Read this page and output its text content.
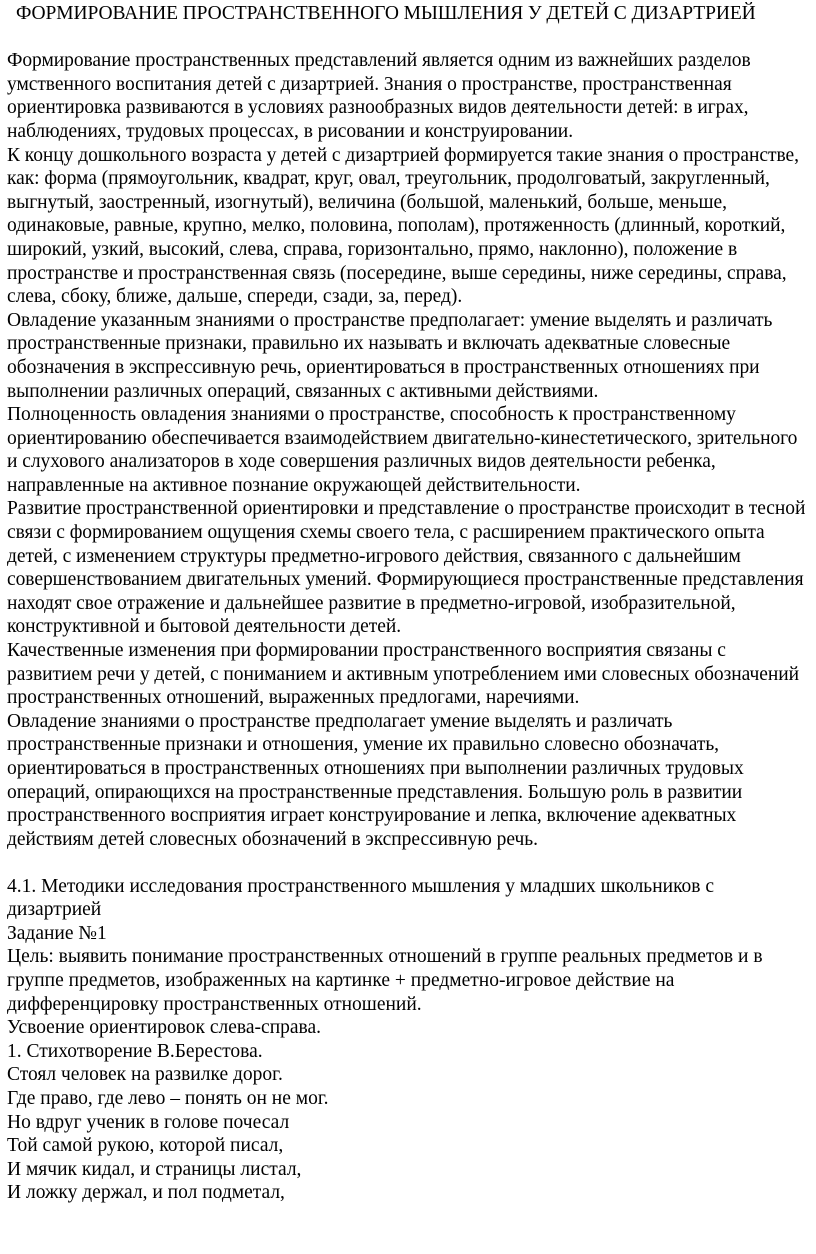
ФОРМИРОВАНИЕ ПРОСТРАНСТВЕННОГО МЫШЛЕНИЯ У ДЕТЕЙ С ДИЗАРТРИЕЙ

Формирование пространственных представлений является одним из важнейших разделов умственного воспитания детей с дизартрией. Знания о пространстве, пространственная ориентировка развиваются в условиях разнообразных видов деятельности детей: в играх, наблюдениях, трудовых процессах, в рисовании и конструировании.

К концу дошкольного возраста у детей с дизартрией формируется такие знания о пространстве, как: форма (прямоугольник, квадрат, круг, овал, треугольник, продолговатый, закругленный, выгнутый, заостренный, изогнутый), величина (большой, маленький, больше, меньше, одинаковые, равные, крупно, мелко, половина, пополам), протяженность (длинный, короткий, широкий, узкий, высокий, слева, справа, горизонтально, прямо, наклонно), положение в пространстве и пространственная связь (посередине, выше середины, ниже середины, справа, слева, сбоку, ближе, дальше, спереди, сзади, за, перед).

Овладение указанным знаниями о пространстве предполагает: умение выделять и различать пространственные признаки, правильно их называть и включать адекватные словесные обозначения в экспрессивную речь, ориентироваться в пространственных отношениях при выполнении различных операций, связанных с активными действиями.

Полноценность овладения знаниями о пространстве, способность к пространственному ориентированию обеспечивается взаимодействием двигательно-кинестетического, зрительного и слухового анализаторов в ходе совершения различных видов деятельности ребенка, направленные на активное познание окружающей действительности.

Развитие пространственной ориентировки и представление о пространстве происходит в тесной связи с формированием ощущения схемы своего тела, с расширением практического опыта детей, с изменением структуры предметно-игрового действия, связанного с дальнейшим совершенствованием двигательных умений. Формирующиеся пространственные представления находят свое отражение и дальнейшее развитие в предметно-игровой, изобразительной, конструктивной и бытовой деятельности детей.

Качественные изменения при формировании пространственного восприятия связаны с развитием речи у детей, с пониманием и активным употреблением ими словесных обозначений пространственных отношений, выраженных предлогами, наречиями.

Овладение знаниями о пространстве предполагает умение выделять и различать пространственные признаки и отношения, умение их правильно словесно обозначать, ориентироваться в пространственных отношениях при выполнении различных трудовых операций, опирающихся на пространственные представления. Большую роль в развитии пространственного восприятия играет конструирование и лепка, включение адекватных действиям детей словесных обозначений в экспрессивную речь.

4.1. Методики исследования пространственного мышления у младших школьников с дизартрией

Задание №1

Цель: выявить понимание пространственных отношений в группе реальных предметов и в группе предметов, изображенных на картинке + предметно-игровое действие на дифференцировку пространственных отношений.

Усвоение ориентировок слева-справа.

1. Стихотворение В.Берестова.

Стоял человек на развилке дорог.

Где право, где лево – понять он не мог.

Но вдруг ученик в голове почесал

Той самой рукою, которой писал,

И мячик кидал, и страницы листал,

И ложку держал, и пол подметал,
